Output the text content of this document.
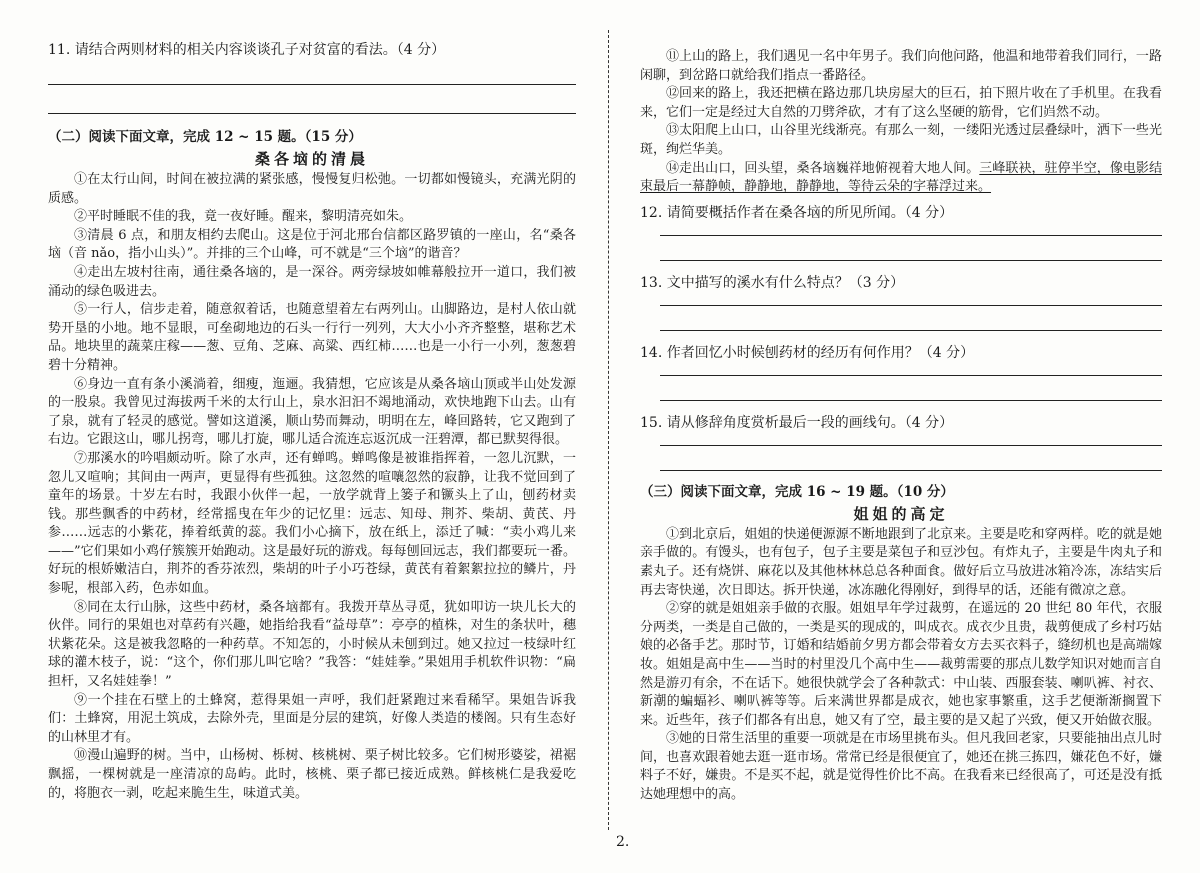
11. 请结合两则材料的相关内容谈谈孔子对贫富的看法。（4 分）
（二）阅读下面文章，完成 12 ~ 15 题。（15 分）
桑各垴的清晨

①在太行山间，时间在被拉满的紧张感，慢慢复归松弛。一切都如慢镜头，充满光阴的质感。

②平时睡眠不佳的我，竟一夜好睡。醒来，黎明清亮如朱。

③清晨 6 点，和朋友相约去爬山。这是位于河北邢台信都区路罗镇的一座山，名“桑各垴（音 nǎo，指小山头）”。并排的三个山峰，可不就是“三个垴”的谐音？

④走出左坡村往南，通往桑各垴的，是一深谷。两旁绿坡如帷幕般拉开一道口，我们被涌动的绿色吸进去。

⑤一行人，信步走着，随意叙着话，也随意望着左右两列山。山脚路边，是村人依山就势开垦的小地。地不显眼，可垒砌地边的石头一行行一列列，大大小小齐齐整整，堪称艺术品。地块里的蔬菜庄稼——葱、豆角、芝麻、高粱、西红柿……也是一小行一小列，葱葱碧碧十分精神。

⑥身边一直有条小溪淌着，细瘦，迤逦。我猜想，它应该是从桑各垴山顶或半山处发源的一股泉。我曾见过海拔两千米的太行山上，泉水汩汩不竭地涌动，欢快地跑下山去。山有了泉，就有了轻灵的感觉。譬如这道溪，顺山势而舞动，明明在左，峰回路转，它又跑到了右边。它跟这山，哪儿拐弯，哪儿打旋，哪儿适合流连忘返沉成一汪碧潭，都已默契得很。

⑦那溪水的吟唱颇动听。除了水声，还有蝉鸣。蝉鸣像是被谁指挥着，一忽儿沉默，一忽儿又喧响；其间由一两声，更显得有些孤独。这忽然的喧嚷忽然的寂静，让我不觉回到了童年的场景。十岁左右时，我跟小伙伴一起，一放学就背上篓子和镢头上了山，刨药材卖钱。那些飘香的中药材，经常摇曳在年少的记忆里：远志、知母、荆芥、柴胡、黄芪、丹参……远志的小紫花，捧着纸黄的蕊。我们小心摘下，放在纸上，添迁了喊：“卖小鸡儿来——”它们果如小鸡仔簇簇开始跑动。这是最好玩的游戏。每每刨回远志，我们都要玩一番。好玩的根娇嫩洁白，荆芥的香芬浓烈，柴胡的叶子小巧苍绿，黄芪有着絮絮拉拉的鳞片，丹参呢，根部入药，色赤如血。

⑧同在太行山脉，这些中药材，桑各垴都有。我拨开草丛寻觅，犹如叩访一块儿长大的伙伴。同行的果姐也对草药有兴趣，她指给我看“益母草”：亭亭的植株，对生的条状叶，穗状紫花朵。这是被我忽略的一种药草。不知怎的，小时候从未刨到过。她又拉过一枝绿叶红球的灌木枝子，说：“这个，你们那儿叫它啥？”我答：“娃娃拳。”果姐用手机软件识物：“扁担杆，又名娃娃拳！”

⑨一个挂在石壁上的土蜂窝，惹得果姐一声呼，我们赶紧跑过来看稀罕。果姐告诉我们：土蜂窝，用泥土筑成，去除外壳，里面是分层的建筑，好像人类造的楼阁。只有生态好的山林里才有。

⑩漫山遍野的树。当中，山杨树、栎树、核桃树、栗子树比较多。它们树形婆娑，裙裾飘摇，一棵树就是一座清凉的岛屿。此时，核桃、栗子都已接近成熟。鲜核桃仁是我爱吃的，将胞衣一剥，吃起来脆生生，味道式美。

⑪上山的路上，我们遇见一名中年男子。我们向他问路，他温和地带着我们同行，一路闲聊，到岔路口就给我们指点一番路径。

⑫回来的路上，我还把横在路边那几块房屋大的巨石，拍下照片收在了手机里。在我看来，它们一定是经过大自然的刀劈斧砍，才有了这么坚硬的筋骨，它们岿然不动。

⑬太阳爬上山口，山谷里光线渐亮。有那么一刻，一缕阳光透过层叠绿叶，洒下一些光斑，绚烂华美。

⑭走出山口，回头望，桑各垴巍祥地俯视着大地人间。三峰联袂，驻停半空，像电影结束最后一幕静帧，静静地，静静地，等待云朵的字幕浮过来。

12. 请简要概括作者在桑各垴的所见所闻。（4 分）
13. 文中描写的溪水有什么特点？（3 分）
14. 作者回忆小时候刨药材的经历有何作用？（4 分）
15. 请从修辞角度赏析最后一段的画线句。（4 分）
（三）阅读下面文章，完成 16 ~ 19 题。（10 分）
姐姐的高定

①到北京后，姐姐的快递便源源不断地跟到了北京来。主要是吃和穿两样。吃的就是她亲手做的。有馒头，也有包子，包子主要是菜包子和豆沙包。有炸丸子，主要是牛肉丸子和素丸子。还有烧饼、麻花以及其他林林总总各种面食。做好后立马放进冰箱冷冻，冻结实后再去寄快递，次日即达。拆开快递，冰冻融化得刚好，到得早的话，还能有微凉之意。

②穿的就是姐姐亲手做的衣服。姐姐早年学过裁剪，在遥远的 20 世纪 80 年代，衣服分两类，一类是自己做的，一类是买的现成的，叫成衣。成衣少且贵，裁剪便成了乡村巧姑娘的必备手艺。那时节，订婚和结婚前夕男方都会带着女方去买衣料子，缝纫机也是高端嫁妆。姐姐是高中生——当时的村里没几个高中生——裁剪需要的那点儿数学知识对她而言自然是游刃有余，不在话下。她很快就学会了各种款式：中山装、西服套装、喇叭裤、衬衣、新潮的蝙蝠衫、喇叭裤等等。后来满世界都是成衣，她也家事繁重，这手艺便渐渐搁置下来。近些年，孩子们都各有出息，她又有了空，最主要的是又起了兴致，便又开始做衣服。

③她的日常生活里的重要一项就是在市场里挑布头。但凡我回老家，只要能抽出点儿时间，也喜欢跟着她去逛一逛市场。常常已经是很便宜了，她还在挑三拣四，嫌花色不好，嫌料子不好，嫌贵。不是买不起，就是觉得性价比不高。在我看来已经很高了，可还是没有抵达她理想中的高。

2.
